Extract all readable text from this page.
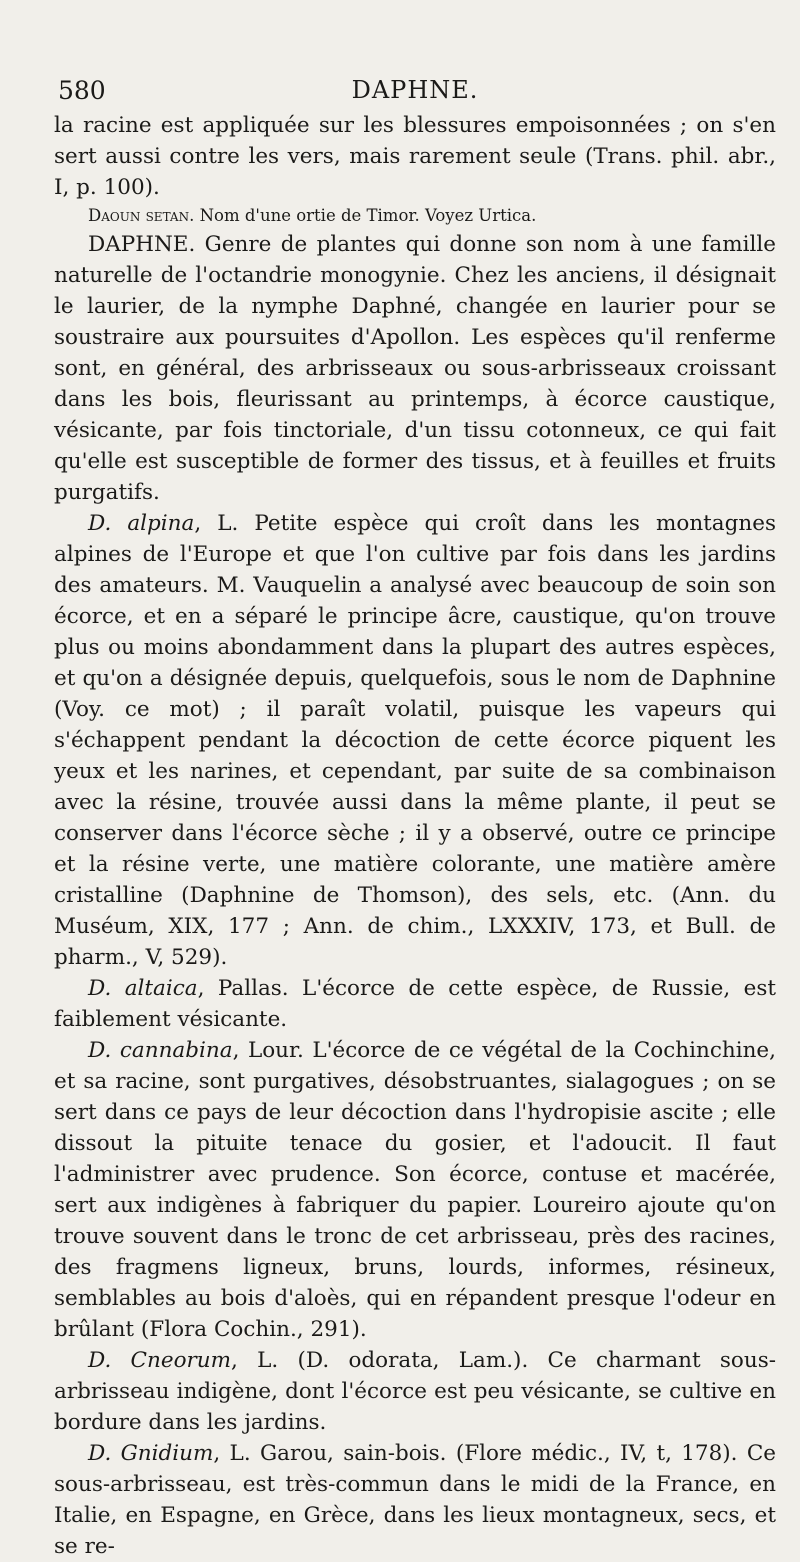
580	DAPHNE.

la racine est appliquée sur les blessures empoisonnées ; on s'en sert aussi contre les vers, mais rarement seule (Trans. phil. abr., I, p. 100).

Daoun setan. Nom d'une ortie de Timor. Voyez Urtica.

DAPHNE. Genre de plantes qui donne son nom à une famille naturelle de l'octandrie monogynie. Chez les anciens, il désignait le laurier, de la nymphe Daphné, changée en laurier pour se soustraire aux poursuites d'Apollon. Les espèces qu'il renferme sont, en général, des arbrisseaux ou sous-arbrisseaux croissant dans les bois, fleurissant au printemps, à écorce caustique, vésicante, par fois tinctoriale, d'un tissu cotonneux, ce qui fait qu'elle est susceptible de former des tissus, et à feuilles et fruits purgatifs.

D. alpina, L. Petite espèce qui croît dans les montagnes alpines de l'Europe et que l'on cultive par fois dans les jardins des amateurs. M. Vauquelin a analysé avec beaucoup de soin son écorce, et en a séparé le principe âcre, caustique, qu'on trouve plus ou moins abondamment dans la plupart des autres espèces, et qu'on a désignée depuis, quelquefois, sous le nom de Daphnine (Voy. ce mot) ; il paraît volatil, puisque les vapeurs qui s'échappent pendant la décoction de cette écorce piquent les yeux et les narines, et cependant, par suite de sa combinaison avec la résine, trouvée aussi dans la même plante, il peut se conserver dans l'écorce sèche ; il y a observé, outre ce principe et la résine verte, une matière colorante, une matière amère cristalline (Daphnine de Thomson), des sels, etc. (Ann. du Muséum, XIX, 177 ; Ann. de chim., LXXXIV, 173, et Bull. de pharm., V, 529).

D. altaica, Pallas. L'écorce de cette espèce, de Russie, est faiblement vésicante.

D. cannabina, Lour. L'écorce de ce végétal de la Cochinchine, et sa racine, sont purgatives, désobstruantes, sialagogues ; on se sert dans ce pays de leur décoction dans l'hydropisie ascite ; elle dissout la pituite tenace du gosier, et l'adoucit. Il faut l'administrer avec prudence. Son écorce, contuse et macérée, sert aux indigènes à fabriquer du papier. Loureiro ajoute qu'on trouve souvent dans le tronc de cet arbrisseau, près des racines, des fragmens ligneux, bruns, lourds, informes, résineux, semblables au bois d'aloès, qui en répandent presque l'odeur en brûlant (Flora Cochin., 291).

D. Cneorum, L. (D. odorata, Lam.). Ce charmant sous-arbrisseau indigène, dont l'écorce est peu vésicante, se cultive en bordure dans les jardins.

D. Gnidium, L. Garou, sain-bois. (Flore médic., IV, t, 178). Ce sous-arbrisseau, est très-commun dans le midi de la France, en Italie, en Espagne, en Grèce, dans les lieux montagneux, secs, et se re-
